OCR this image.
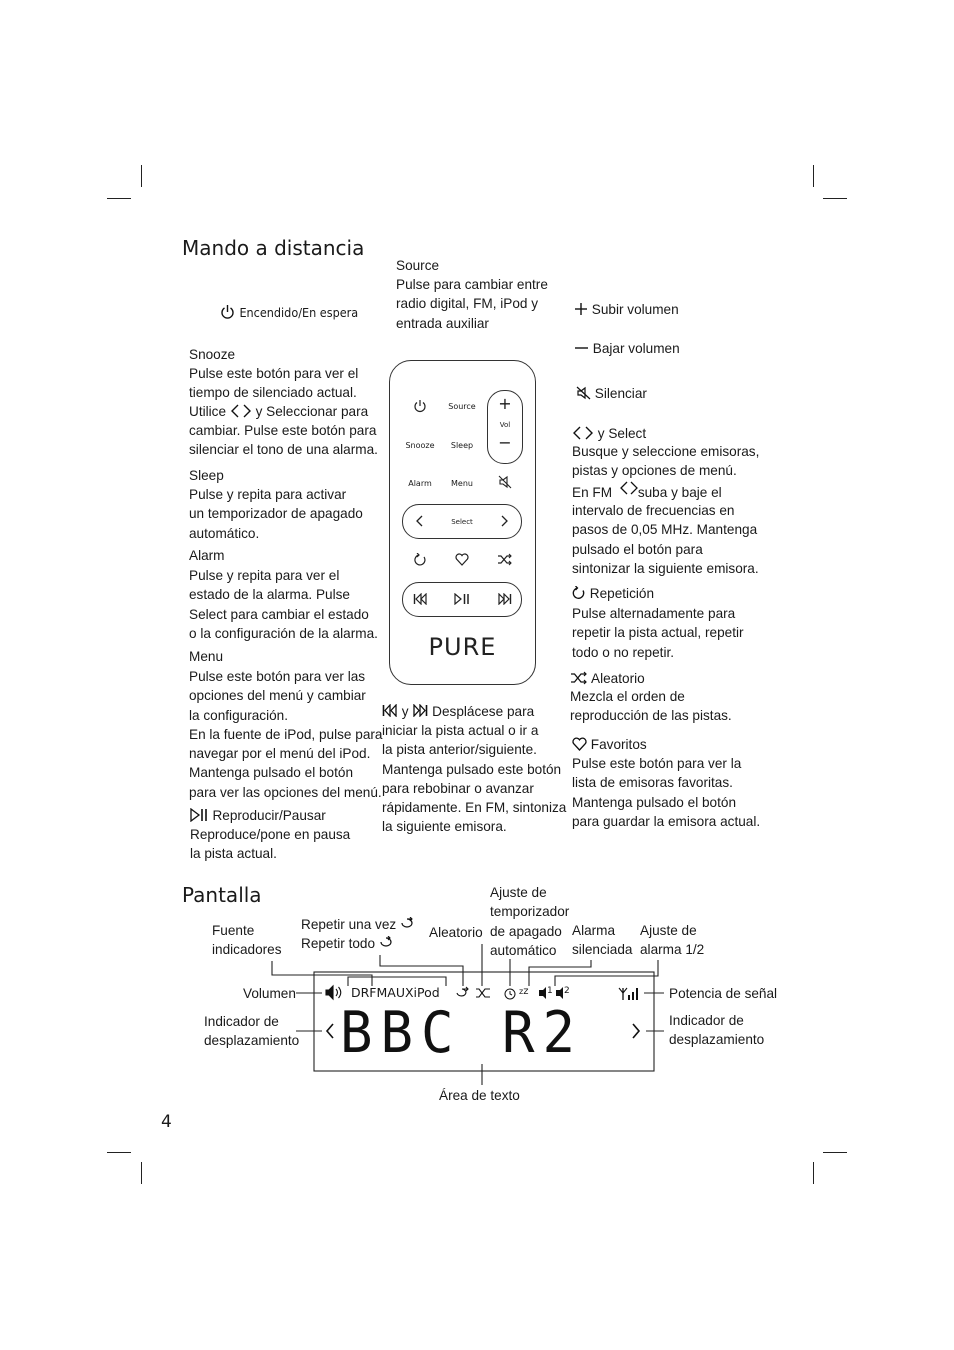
Mando a distancia
Encendido/En espera
Source
Pulse para cambiar entre
radio digital, FM, iPod y
entrada auxiliar
Snooze
Pulse este botón para ver el
tiempo de silenciado actual.
Utilice y Seleccionar para
cambiar. Pulse este botón para
silenciar el tono de una alarma.
Sleep
Pulse y repita para activar
un temporizador de apagado
automático.
Alarm
Pulse y repita para ver el
estado de la alarma. Pulse
Select para cambiar el estado
o la configuración de la alarma.
Menu
Pulse este botón para ver las
opciones del menú y cambiar
la configuración.
En la fuente de iPod, pulse para
navegar por el menú del iPod.
Mantenga pulsado el botón
para ver las opciones del menú.
Reproducir/Pausar
Reproduce/pone en pausa
la pista actual.
+
Vol
−
Source
Snooze	Sleep
Alarm	Menu
Select
PURE
y Desplácese para
iniciar la pista actual o ir a
la pista anterior/siguiente.
Mantenga pulsado este botón
para rebobinar o avanzar
rápidamente. En FM, sintoniza
la siguiente emisora.
Subir volumen
Bajar volumen
Silenciar
y Select
Busque y seleccione emisoras,
pistas y opciones de menú.
En FM suba y baje el
intervalo de frecuencias en
pasos de 0,05 MHz. Mantenga
pulsado el botón para
sintonizar la siguiente emisora.
Repetición
Pulse alternadamente para
repetir la pista actual, repetir
todo o no repetir.
Aleatorio
Mezcla el orden de
reproducción de las pistas.
Favoritos
Pulse este botón para ver la
lista de emisoras favoritas.
Mantenga pulsado el botón
para guardar la emisora actual.
Pantalla
Fuente
indicadores
Repetir una vez
Repetir todo
Aleatorio
Ajuste de
temporizador
de apagado
automático
Alarma
silenciada
Ajuste de
alarma 1/2
Volumen	Potencia de señal
Indicador de
desplazamiento
Indicador de
desplazamiento
Área de texto
DRFMAUXiPod	zz 1 2
BBC R2
4
